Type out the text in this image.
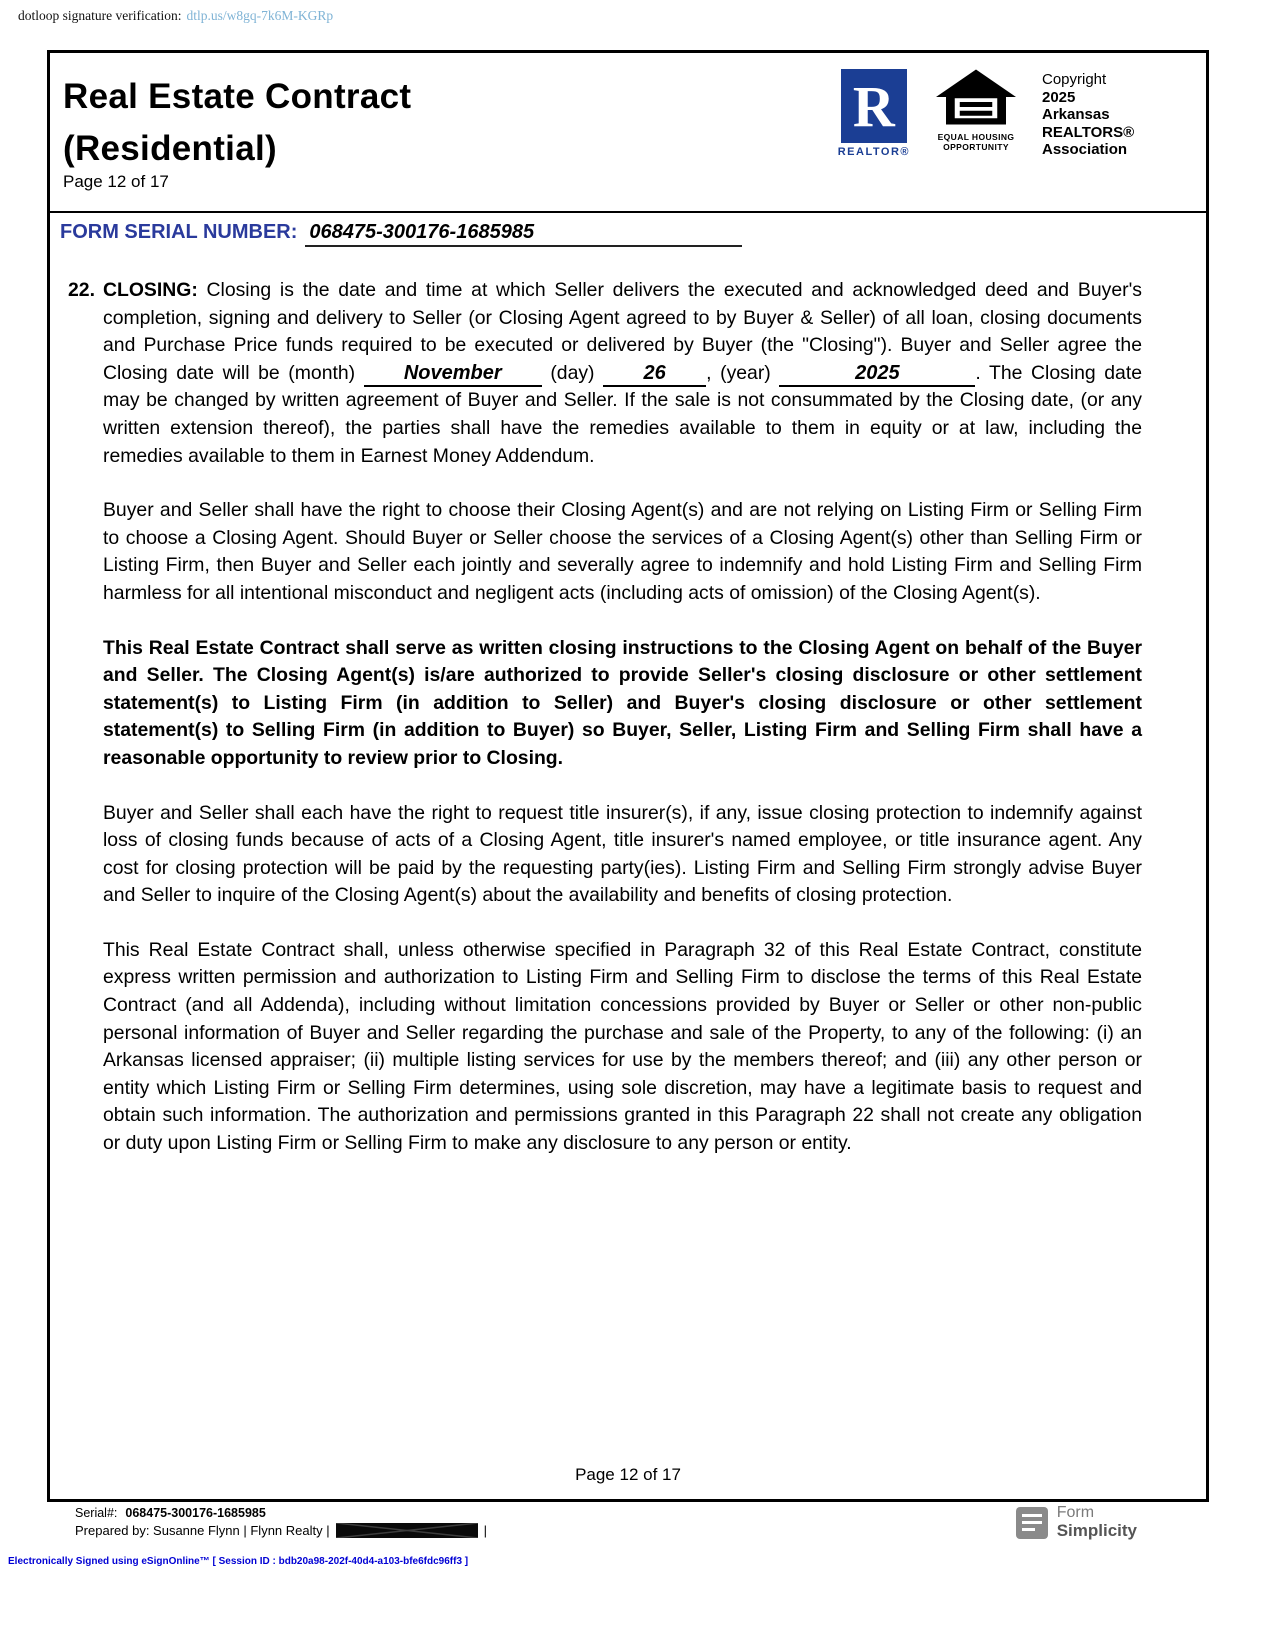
dotloop signature verification: dtlp.us/w8gq-7k6M-KGRp
Real Estate Contract
(Residential)
Page 12 of 17
R
REALTOR®
EQUAL HOUSING
OPPORTUNITY
Copyright
2025
Arkansas
REALTORS®
Association
FORM SERIAL NUMBER: 068475-300176-1685985

22. CLOSING: Closing is the date and time at which Seller delivers the executed and acknowledged deed and Buyer's completion, signing and delivery to Seller (or Closing Agent agreed to by Buyer & Seller) of all loan, closing documents and Purchase Price funds required to be executed or delivered by Buyer (the "Closing"). Buyer and Seller agree the Closing date will be (month) November	(day) 26 , (year)	2025	. The Closing date may be changed by written agreement of Buyer and Seller. If the sale is not consummated by the Closing date, (or any written extension thereof), the parties shall have the remedies available to them in equity or at law, including the remedies available to them in Earnest Money Addendum.

Buyer and Seller shall have the right to choose their Closing Agent(s) and are not relying on Listing Firm or Selling Firm to choose a Closing Agent. Should Buyer or Seller choose the services of a Closing Agent(s) other than Selling Firm or Listing Firm, then Buyer and Seller each jointly and severally agree to indemnify and hold Listing Firm and Selling Firm harmless for all intentional misconduct and negligent acts (including acts of omission) of the Closing Agent(s).

This Real Estate Contract shall serve as written closing instructions to the Closing Agent on behalf of the Buyer and Seller. The Closing Agent(s) is/are authorized to provide Seller's closing disclosure or other settlement statement(s) to Listing Firm (in addition to Seller) and Buyer's closing disclosure or other settlement statement(s) to Selling Firm (in addition to Buyer) so Buyer, Seller, Listing Firm and Selling Firm shall have a reasonable opportunity to review prior to Closing.

Buyer and Seller shall each have the right to request title insurer(s), if any, issue closing protection to indemnify against loss of closing funds because of acts of a Closing Agent, title insurer's named employee, or title insurance agent. Any cost for closing protection will be paid by the requesting party(ies). Listing Firm and Selling Firm strongly advise Buyer and Seller to inquire of the Closing Agent(s) about the availability and benefits of closing protection.

This Real Estate Contract shall, unless otherwise specified in Paragraph 32 of this Real Estate Contract, constitute express written permission and authorization to Listing Firm and Selling Firm to disclose the terms of this Real Estate Contract (and all Addenda), including without limitation concessions provided by Buyer or Seller or other non-public personal information of Buyer and Seller regarding the purchase and sale of the Property, to any of the following: (i) an Arkansas licensed appraiser; (ii) multiple listing services for use by the members thereof; and (iii) any other person or entity which Listing Firm or Selling Firm determines, using sole discretion, may have a legitimate basis to request and obtain such information. The authorization and permissions granted in this Paragraph 22 shall not create any obligation or duty upon Listing Firm or Selling Firm to make any disclosure to any person or entity.

Page 12 of 17
Serial#: 068475-300176-1685985
Prepared by: Susanne Flynn | Flynn Realty |	|
Electronically Signed using eSignOnline™ [ Session ID : bdb20a98-202f-40d4-a103-bfe6fdc96ff3 ]
Form
Simplicity
